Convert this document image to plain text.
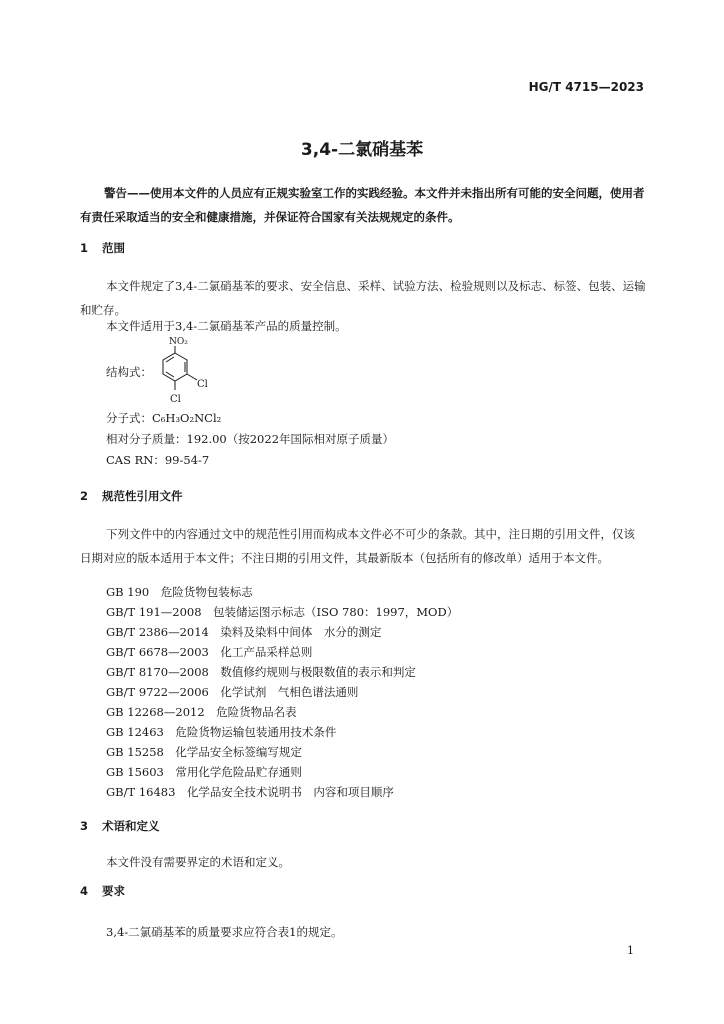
HG/T 4715—2023
3,4-二氯硝基苯
警告——使用本文件的人员应有正规实验室工作的实践经验。本文件并未指出所有可能的安全问题，使用者有责任采取适当的安全和健康措施，并保证符合国家有关法规规定的条件。
1 范围
本文件规定了3,4-二氯硝基苯的要求、安全信息、采样、试验方法、检验规则以及标志、标签、包装、运输和贮存。
本文件适用于3,4-二氯硝基苯产品的质量控制。
结构式：
NO₂
Cl
Cl
分子式：C₆H₃O₂NCl₂
相对分子质量：192.00（按2022年国际相对原子质量）
CAS RN：99-54-7
2 规范性引用文件
下列文件中的内容通过文中的规范性引用而构成本文件必不可少的条款。其中，注日期的引用文件，仅该日期对应的版本适用于本文件；不注日期的引用文件，其最新版本（包括所有的修改单）适用于本文件。
GB 190　危险货物包装标志
GB/T 191—2008　包装储运图示标志（ISO 780：1997，MOD）
GB/T 2386—2014　染料及染料中间体　水分的测定
GB/T 6678—2003　化工产品采样总则
GB/T 8170—2008　数值修约规则与极限数值的表示和判定
GB/T 9722—2006　化学试剂　气相色谱法通则
GB 12268—2012　危险货物品名表
GB 12463　危险货物运输包装通用技术条件
GB 15258　化学品安全标签编写规定
GB 15603　常用化学危险品贮存通则
GB/T 16483　化学品安全技术说明书　内容和项目顺序
3 术语和定义
本文件没有需要界定的术语和定义。
4 要求
3,4-二氯硝基苯的质量要求应符合表1的规定。
1
